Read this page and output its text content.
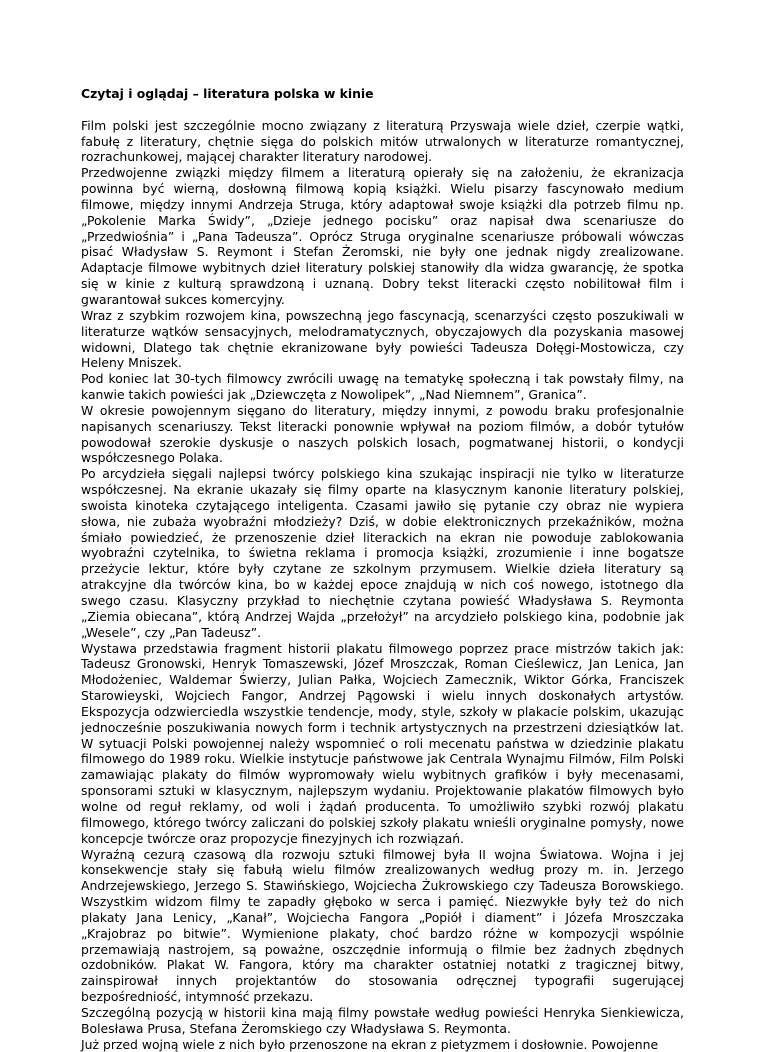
Czytaj i oglądaj – literatura polska w kinie

Film polski jest szczególnie mocno związany z literaturą Przyswaja wiele dzieł, czerpie wątki, fabułę z literatury, chętnie sięga do polskich mitów utrwalonych w literaturze romantycznej, rozrachunkowej, mającej charakter literatury narodowej.

Przedwojenne związki między filmem a literaturą opierały się na założeniu, że ekranizacja powinna być wierną, dosłowną filmową kopią książki. Wielu pisarzy fascynowało medium filmowe, między innymi Andrzeja Struga, który adaptował swoje książki dla potrzeb filmu np. „Pokolenie Marka Świdy”, „Dzieje jednego pocisku” oraz napisał dwa scenariusze do „Przedwiośnia” i „Pana Tadeusza”. Oprócz Struga oryginalne scenariusze próbowali wówczas pisać Władysław S. Reymont i Stefan Żeromski, nie były one jednak nigdy zrealizowane. Adaptacje filmowe wybitnych dzieł literatury polskiej stanowiły dla widza gwarancję, że spotka się w kinie z kulturą sprawdzoną i uznaną. Dobry tekst literacki często nobilitował film i gwarantował sukces komercyjny.

Wraz z szybkim rozwojem kina, powszechną jego fascynacją, scenarzyści często poszukiwali w literaturze wątków sensacyjnych, melodramatycznych, obyczajowych dla pozyskania masowej widowni, Dlatego tak chętnie ekranizowane były powieści Tadeusza Dołęgi-Mostowicza, czy Heleny Mniszek.

Pod koniec lat 30-tych filmowcy zwrócili uwagę na tematykę społeczną i tak powstały filmy, na kanwie takich powieści jak „Dziewczęta z Nowolipek”, „Nad Niemnem”, Granica”.

W okresie powojennym sięgano do literatury, między innymi, z powodu braku profesjonalnie napisanych scenariuszy. Tekst literacki ponownie wpływał na poziom filmów, a dobór tytułów powodował szerokie dyskusje o naszych polskich losach, pogmatwanej historii, o kondycji współczesnego Polaka.

Po arcydzieła sięgali najlepsi twórcy polskiego kina szukając inspiracji nie tylko w literaturze współczesnej. Na ekranie ukazały się filmy oparte na klasycznym kanonie literatury polskiej, swoista kinoteka czytającego inteligenta. Czasami jawiło się pytanie czy obraz nie wypiera słowa, nie zubaża wyobraźni młodzieży? Dziś, w dobie elektronicznych przekaźników, można śmiało powiedzieć, że przenoszenie dzieł literackich na ekran nie powoduje zablokowania wyobraźni czytelnika, to świetna reklama i promocja książki, zrozumienie i inne bogatsze przeżycie lektur, które były czytane ze szkolnym przymusem. Wielkie dzieła literatury są atrakcyjne dla twórców kina, bo w każdej epoce znajdują w nich coś nowego, istotnego dla swego czasu. Klasyczny przykład to niechętnie czytana powieść Władysława S. Reymonta „Ziemia obiecana”, którą Andrzej Wajda „przełożył” na arcydzieło polskiego kina, podobnie jak „Wesele”, czy „Pan Tadeusz”.

Wystawa przedstawia fragment historii plakatu filmowego poprzez prace mistrzów takich jak: Tadeusz Gronowski, Henryk Tomaszewski, Józef Mroszczak, Roman Cieślewicz, Jan Lenica, Jan Młodożeniec, Waldemar Świerzy, Julian Pałka, Wojciech Zamecznik, Wiktor Górka, Franciszek Starowieyski, Wojciech Fangor, Andrzej Pągowski i wielu innych doskonałych artystów. Ekspozycja odzwierciedla wszystkie tendencje, mody, style, szkoły w plakacie polskim, ukazując jednocześnie poszukiwania nowych form i technik artystycznych na przestrzeni dziesiątków lat. W sytuacji Polski powojennej należy wspomnieć o roli mecenatu państwa w dziedzinie plakatu filmowego do 1989 roku. Wielkie instytucje państwowe jak Centrala Wynajmu Filmów, Film Polski zamawiając plakaty do filmów wypromowały wielu wybitnych grafików i były mecenasami, sponsorami sztuki w klasycznym, najlepszym wydaniu. Projektowanie plakatów filmowych było wolne od reguł reklamy, od woli i żądań producenta. To umożliwiło szybki rozwój plakatu filmowego, którego twórcy zaliczani do polskiej szkoły plakatu wnieśli oryginalne pomysły, nowe koncepcje twórcze oraz propozycje finezyjnych ich rozwiązań.

Wyraźną cezurą czasową dla rozwoju sztuki filmowej była II wojna Światowa. Wojna i jej konsekwencje stały się fabułą wielu filmów zrealizowanych według prozy m. in. Jerzego Andrzejewskiego, Jerzego S. Stawińskiego, Wojciecha Żukrowskiego czy Tadeusza Borowskiego. Wszystkim widzom filmy te zapadły głęboko w serca i pamięć. Niezwykłe były też do nich plakaty Jana Lenicy, „Kanał”, Wojciecha Fangora „Popiół i diament” i Józefa Mroszczaka „Krajobraz po bitwie”. Wymienione plakaty, choć bardzo różne w kompozycji wspólnie przemawiają nastrojem, są poważne, oszczędnie informują o filmie bez żadnych zbędnych ozdobników. Plakat W. Fangora, który ma charakter ostatniej notatki z tragicznej bitwy, zainspirował innych projektantów do stosowania odręcznej typografii sugerującej bezpośredniość, intymność przekazu.

Szczególną pozycją w historii kina mają filmy powstałe według powieści Henryka Sienkiewicza, Bolesława Prusa, Stefana Żeromskiego czy Władysława S. Reymonta.

Już przed wojną wiele z nich było przenoszone na ekran z pietyzmem i dosłownie. Powojenne
